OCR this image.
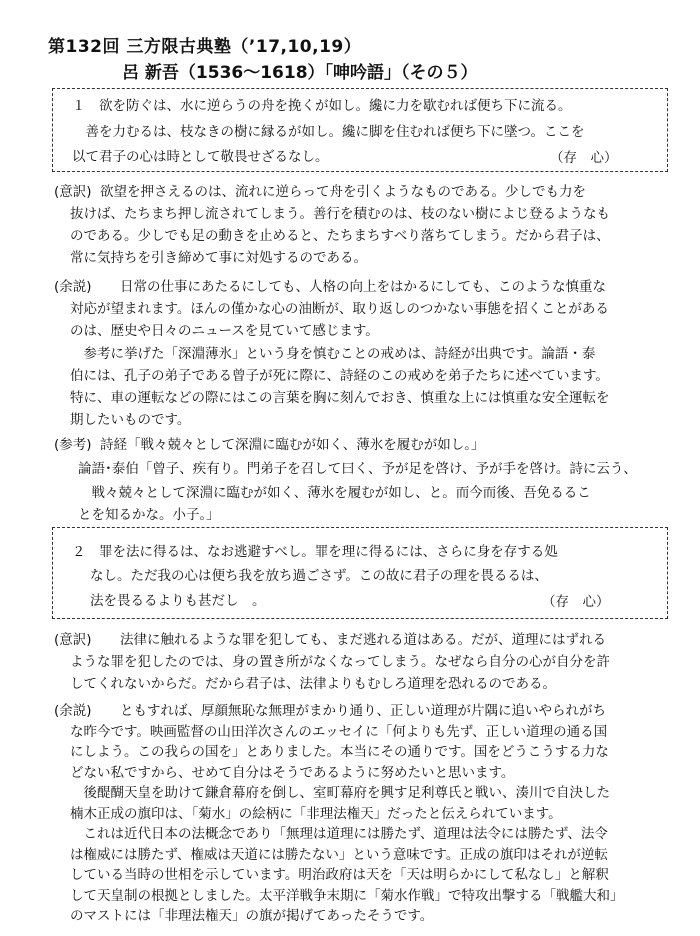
第132回 三方限古典塾（’17,10,19）
呂 新吾（1536～1618）「呻吟語」（その５）
１　欲を防ぐは、水に逆らうの舟を挽くが如し。纔に力を歇むれば便ち下に流る。
　善を力むるは、枝なきの樹に縁るが如し。纔に脚を住むれば便ち下に墜つ。ここを
以て君子の心は時として敬畏せざるなし。	（存　心）
(意訳) 欲望を押さえるのは、流れに逆らって舟を引くようなものである。少しでも力を
抜けば、たちまち押し流されてしまう。善行を積むのは、枝のない樹によじ登るようなも
のである。少しでも足の動きを止めると、たちまちすべり落ちてしまう。だから君子は、
常に気持ちを引き締めて事に対処するのである。
(余説) 日常の仕事にあたるにしても、人格の向上をはかるにしても、このような慎重な
対応が望まれます。ほんの僅かな心の油断が、取り返しのつかない事態を招くことがある
のは、歴史や日々のニュースを見ていて感じます。
　参考に挙げた「深淵薄氷」という身を慎むことの戒めは、詩経が出典です。論語・泰
伯には、孔子の弟子である曾子が死に際に、詩経のこの戒めを弟子たちに述べています。
特に、車の運転などの際にはこの言葉を胸に刻んでおき、慎重な上には慎重な安全運転を
期したいものです。
(参考) 詩経「戦々兢々として深淵に臨むが如く、薄氷を履むが如し。」
論語･泰伯「曾子、疾有り。門弟子を召して曰く、予が足を啓け、予が手を啓け。詩に云う、
　戦々兢々として深淵に臨むが如く、薄氷を履むが如し、と。而今而後、吾免るるこ
とを知るかな。小子。」
２　罪を法に得るは、なお逃避すべし。罪を理に得るには、さらに身を存する処
なし。ただ我の心は便ち我を放ち過ごさず。この故に君子の理を畏るるは、
法を畏るるよりも甚だし　。	（存　心）
(意訳) 法律に触れるような罪を犯しても、まだ逃れる道はある。だが、道理にはずれる
ような罪を犯したのでは、身の置き所がなくなってしまう。なぜなら自分の心が自分を許
してくれないからだ。だから君子は、法律よりもむしろ道理を恐れるのである。
(余説) ともすれば、厚顔無恥な無理がまかり通り、正しい道理が片隅に追いやられがち
な昨今です。映画監督の山田洋次さんのエッセイに「何よりも先ず、正しい道理の通る国
にしよう。この我らの国を」とありました。本当にその通りです。国をどうこうする力な
どない私ですから、せめて自分はそうであるように努めたいと思います。
　後醍醐天皇を助けて鎌倉幕府を倒し、室町幕府を興す足利尊氏と戦い、湊川で自決した
楠木正成の旗印は、「菊水」の絵柄に「非理法権天」だったと伝えられています。
　これは近代日本の法概念であり「無理は道理には勝たず、道理は法令には勝たず、法令
は権威には勝たず、権威は天道には勝たない」という意味です。正成の旗印はそれが逆転
している当時の世相を示しています。明治政府は天を「天は明らかにして私なし」と解釈
して天皇制の根拠としました。太平洋戦争末期に「菊水作戦」で特攻出撃する「戦艦大和」
のマストには「非理法権天」の旗が掲げてあったそうです。
